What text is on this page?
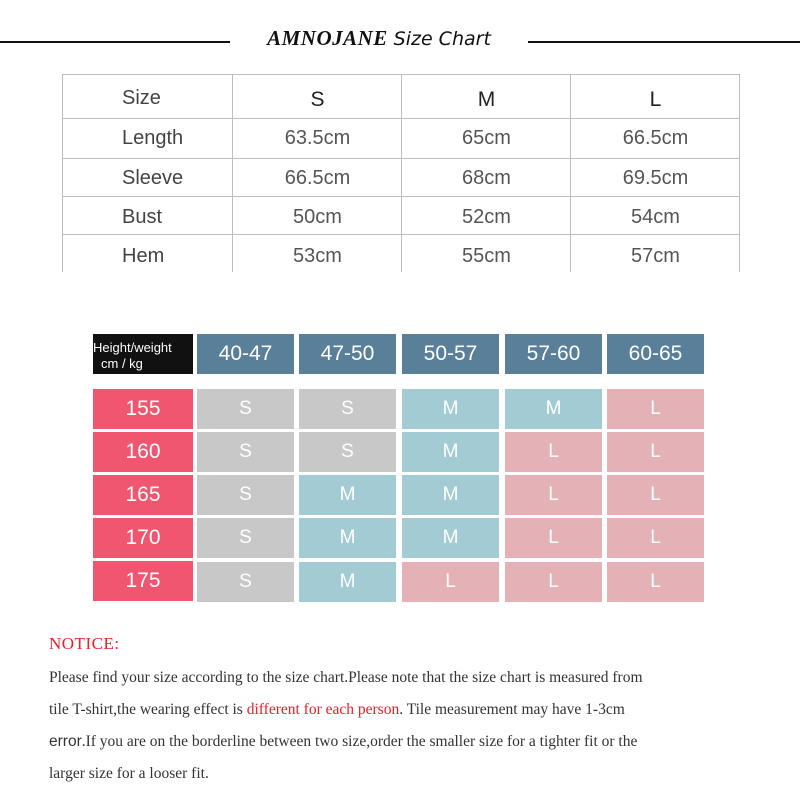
AMNOJANE Size Chart
Size	S	M	L
Length	63.5cm	65cm	66.5cm
Sleeve	66.5cm	68cm	69.5cm
Bust	50cm	52cm	54cm
Hem	53cm	55cm	57cm
Height/weight
cm / kg	40-47	47-50	50-57	57-60	60-65
155	S	S	M	M	L
160	S	S	M	L	L
165	S	M	M	L	L
170	S	M	M	L	L
175	S	M	L	L	L
NOTICE:
Please find your size according to the size chart.Please note that the size chart is measured from
tile T-shirt,the wearing effect is different for each person. Tile measurement may have 1-3cm
error.If you are on the borderline between two size,order the smaller size for a tighter fit or the
larger size for a looser fit.
